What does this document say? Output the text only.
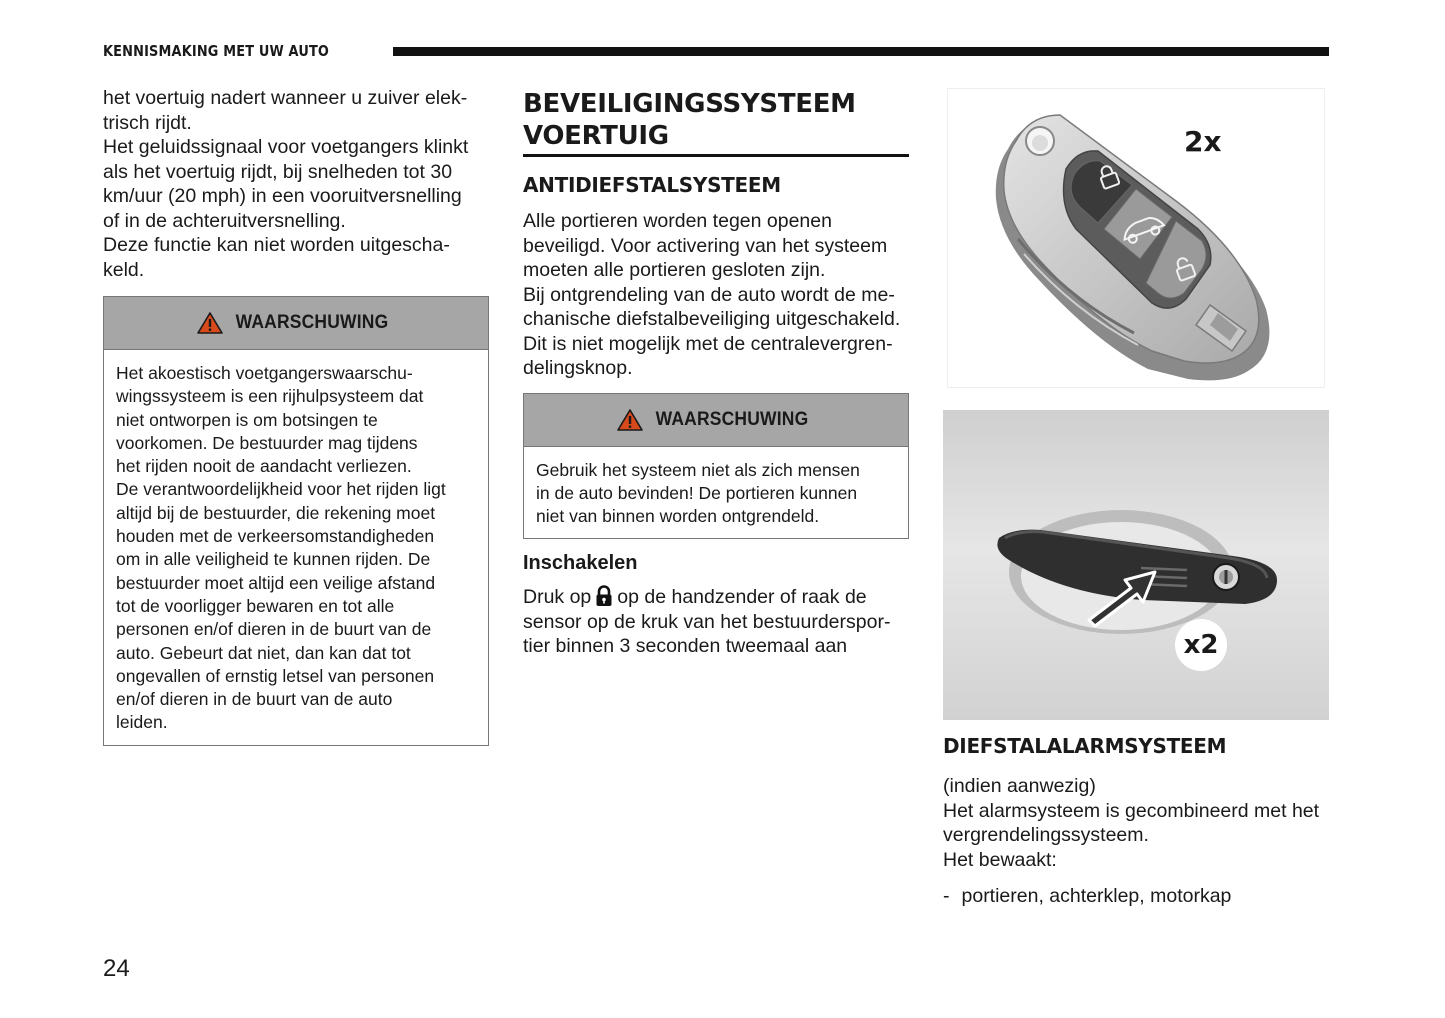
KENNISMAKING MET UW AUTO

het voertuig nadert wanneer u zuiver elek-
trisch rijdt.

Het geluidssignaal voor voetgangers klinkt
als het voertuig rijdt, bij snelheden tot 30
km/uur (20 mph) in een vooruitversnelling
of in de achteruitversnelling.

Deze functie kan niet worden uitgescha-
keld.

WAARSCHUWING
Het akoestisch voetgangerswaarschu-
wingssysteem is een rijhulpsysteem dat
niet ontworpen is om botsingen te
voorkomen. De bestuurder mag tijdens
het rijden nooit de aandacht verliezen.
De verantwoordelijkheid voor het rijden ligt
altijd bij de bestuurder, die rekening moet
houden met de verkeersomstandigheden
om in alle veiligheid te kunnen rijden. De
bestuurder moet altijd een veilige afstand
tot de voorligger bewaren en tot alle
personen en/of dieren in de buurt van de
auto. Gebeurt dat niet, dan kan dat tot
ongevallen of ernstig letsel van personen
en/of dieren in de buurt van de auto
leiden.
BEVEILIGINGSSYSTEEM
VOERTUIG
ANTIDIEFSTALSYSTEEM

Alle portieren worden tegen openen
beveiligd. Voor activering van het systeem
moeten alle portieren gesloten zijn.

Bij ontgrendeling van de auto wordt de me-
chanische diefstalbeveiliging uitgeschakeld.
Dit is niet mogelijk met de centralevergren-
delingsknop.

WAARSCHUWING
Gebruik het systeem niet als zich mensen
in de auto bevinden! De portieren kunnen
niet van binnen worden ontgrendeld.
Inschakelen

Druk op op de handzender of raak de
sensor op de kruk van het bestuurderspor-
tier binnen 3 seconden tweemaal aan

2x
x2
DIEFSTALALARMSYSTEEM

(indien aanwezig)

Het alarmsysteem is gecombineerd met het
vergrendelingssysteem.

Het bewaakt:

- portieren, achterklep, motorkap
24
